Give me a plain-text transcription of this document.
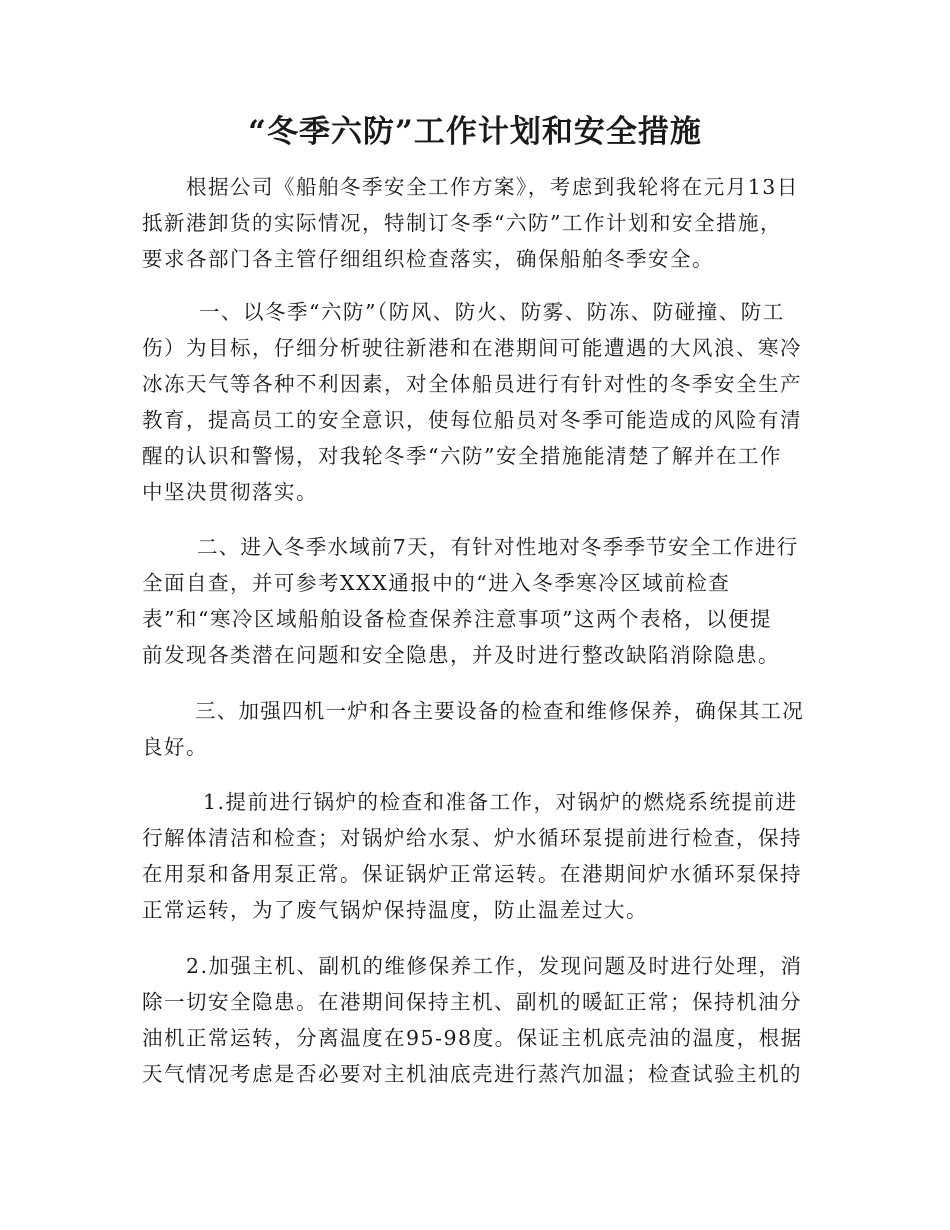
“冬季六防”工作计划和安全措施
根据公司《船舶冬季安全工作方案》，考虑到我轮将在元月13日
抵新港卸货的实际情况，特制订冬季“六防”工作计划和安全措施，
要求各部门各主管仔细组织检查落实，确保船舶冬季安全。
一、以冬季“六防”（防风、防火、防雾、防冻、防碰撞、防工
伤）为目标，仔细分析驶往新港和在港期间可能遭遇的大风浪、寒冷
冰冻天气等各种不利因素，对全体船员进行有针对性的冬季安全生产
教育，提高员工的安全意识，使每位船员对冬季可能造成的风险有清
醒的认识和警惕，对我轮冬季“六防”安全措施能清楚了解并在工作
中坚决贯彻落实。
二、进入冬季水域前7天，有针对性地对冬季季节安全工作进行
全面自查，并可参考XXX通报中的“进入冬季寒冷区域前检查
表”和“寒冷区域船舶设备检查保养注意事项”这两个表格，以便提
前发现各类潜在问题和安全隐患，并及时进行整改缺陷消除隐患。
三、加强四机一炉和各主要设备的检查和维修保养，确保其工况
良好。
1.提前进行锅炉的检查和准备工作，对锅炉的燃烧系统提前进
行解体清洁和检查；对锅炉给水泵、炉水循环泵提前进行检查，保持
在用泵和备用泵正常。保证锅炉正常运转。在港期间炉水循环泵保持
正常运转，为了废气锅炉保持温度，防止温差过大。
2.加强主机、副机的维修保养工作，发现问题及时进行处理，消
除一切安全隐患。在港期间保持主机、副机的暖缸正常；保持机油分
油机正常运转，分离温度在95-98度。保证主机底壳油的温度，根据
天气情况考虑是否必要对主机油底壳进行蒸汽加温；检查试验主机的
